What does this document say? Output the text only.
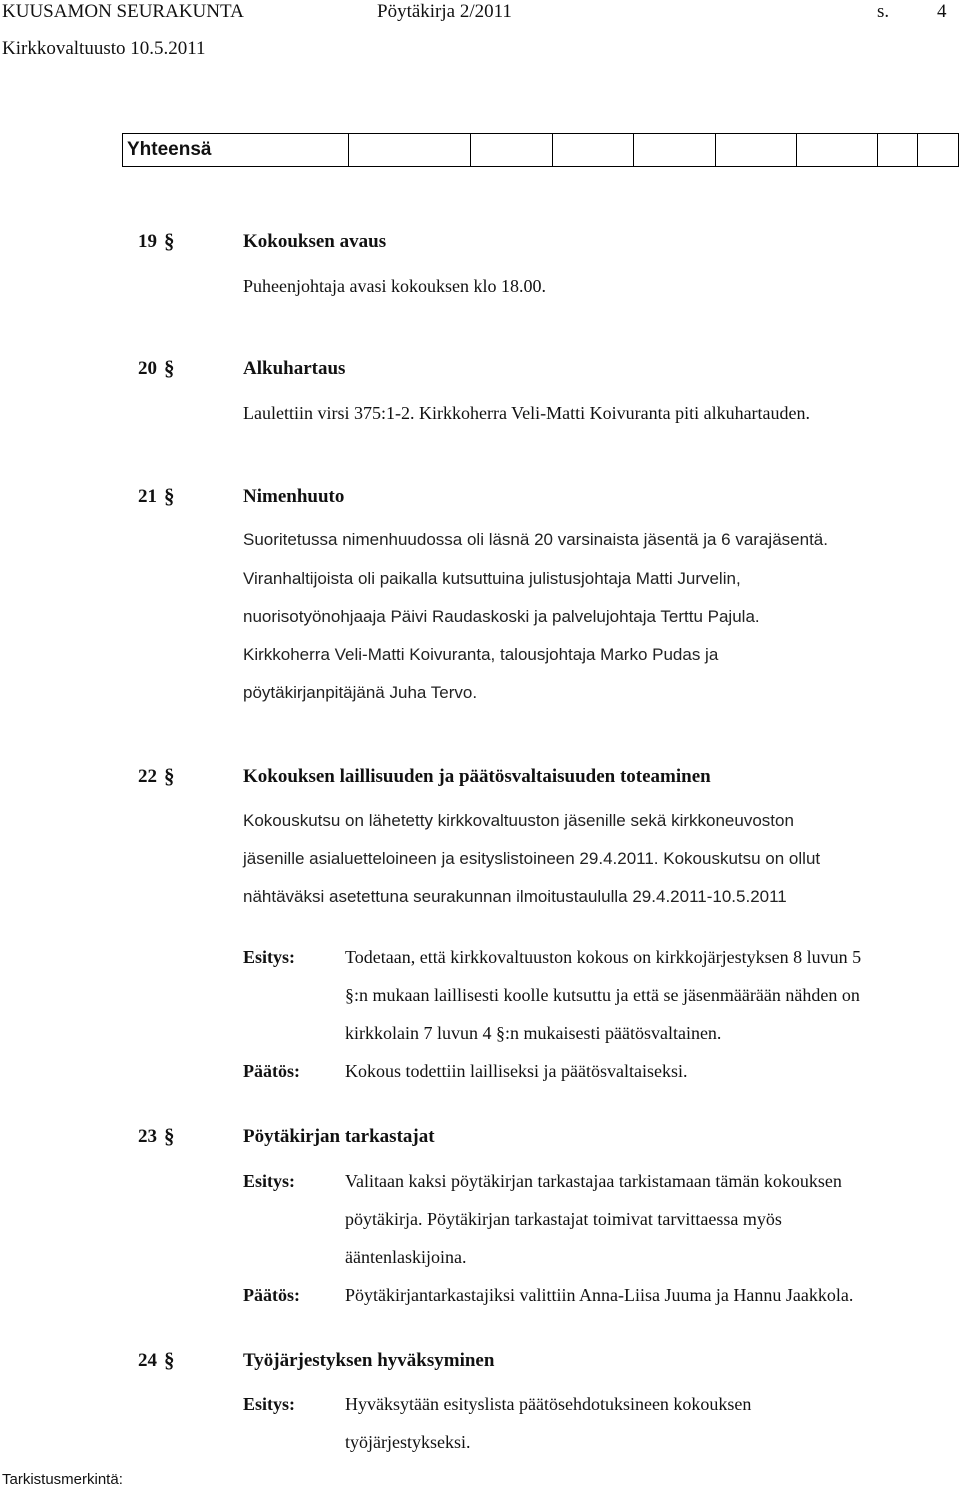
KUUSAMON SEURAKUNTA	Pöytäkirja 2/2011	s.	4
Kirkkovaltuusto 10.5.2011
Yhteensä								
19 §	Kokouksen avaus
Puheenjohtaja avasi kokouksen klo 18.00.
20 §	Alkuhartaus
Laulettiin virsi 375:1-2. Kirkkoherra Veli-Matti Koivuranta piti alkuhartauden.
21 §	Nimenhuuto
Suoritetussa nimenhuudossa oli läsnä 20 varsinaista jäsentä ja 6 varajäsentä.
Viranhaltijoista oli paikalla kutsuttuina julistusjohtaja Matti Jurvelin,
nuorisotyönohjaaja Päivi Raudaskoski ja palvelujohtaja Terttu Pajula.
Kirkkoherra Veli-Matti Koivuranta, talousjohtaja Marko Pudas ja
pöytäkirjanpitäjänä Juha Tervo.
22 §	Kokouksen laillisuuden ja päätösvaltaisuuden toteaminen
Kokouskutsu on lähetetty kirkkovaltuuston jäsenille sekä kirkkoneuvoston
jäsenille asialuetteloineen ja esityslistoineen 29.4.2011. Kokouskutsu on ollut
nähtäväksi asetettuna seurakunnan ilmoitustaululla 29.4.2011-10.5.2011
Esitys:	Todetaan, että kirkkovaltuuston kokous on kirkkojärjestyksen 8 luvun 5
§:n mukaan laillisesti koolle kutsuttu ja että se jäsenmäärään nähden on
kirkkolain 7 luvun 4 §:n mukaisesti päätösvaltainen.
Päätös:	Kokous todettiin lailliseksi ja päätösvaltaiseksi.
23 §	Pöytäkirjan tarkastajat
Esitys:	Valitaan kaksi pöytäkirjan tarkastajaa tarkistamaan tämän kokouksen
pöytäkirja. Pöytäkirjan tarkastajat toimivat tarvittaessa myös
ääntenlaskijoina.
Päätös:	Pöytäkirjantarkastajiksi valittiin Anna-Liisa Juuma ja Hannu Jaakkola.
24 §	Työjärjestyksen hyväksyminen
Esitys:	Hyväksytään esityslista päätösehdotuksineen kokouksen
työjärjestykseksi.
Tarkistusmerkintä:
